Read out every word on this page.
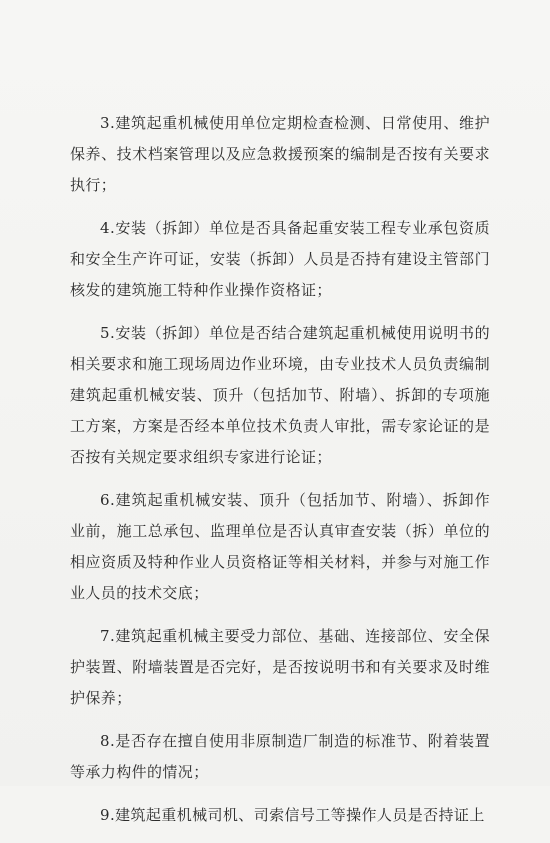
3.建筑起重机械使用单位定期检查检测、日常使用、维护保养、技术档案管理以及应急救援预案的编制是否按有关要求执行；

4.安装（拆卸）单位是否具备起重安装工程专业承包资质和安全生产许可证，安装（拆卸）人员是否持有建设主管部门核发的建筑施工特种作业操作资格证；

5.安装（拆卸）单位是否结合建筑起重机械使用说明书的相关要求和施工现场周边作业环境，由专业技术人员负责编制建筑起重机械安装、顶升（包括加节、附墙）、拆卸的专项施工方案，方案是否经本单位技术负责人审批，需专家论证的是否按有关规定要求组织专家进行论证；

6.建筑起重机械安装、顶升（包括加节、附墙）、拆卸作业前，施工总承包、监理单位是否认真审查安装（拆）单位的相应资质及特种作业人员资格证等相关材料，并参与对施工作业人员的技术交底；

7.建筑起重机械主要受力部位、基础、连接部位、安全保护装置、附墙装置是否完好，是否按说明书和有关要求及时维护保养；

8.是否存在擅自使用非原制造厂制造的标准节、附着装置等承力构件的情况；

9.建筑起重机械司机、司索信号工等操作人员是否持证上
